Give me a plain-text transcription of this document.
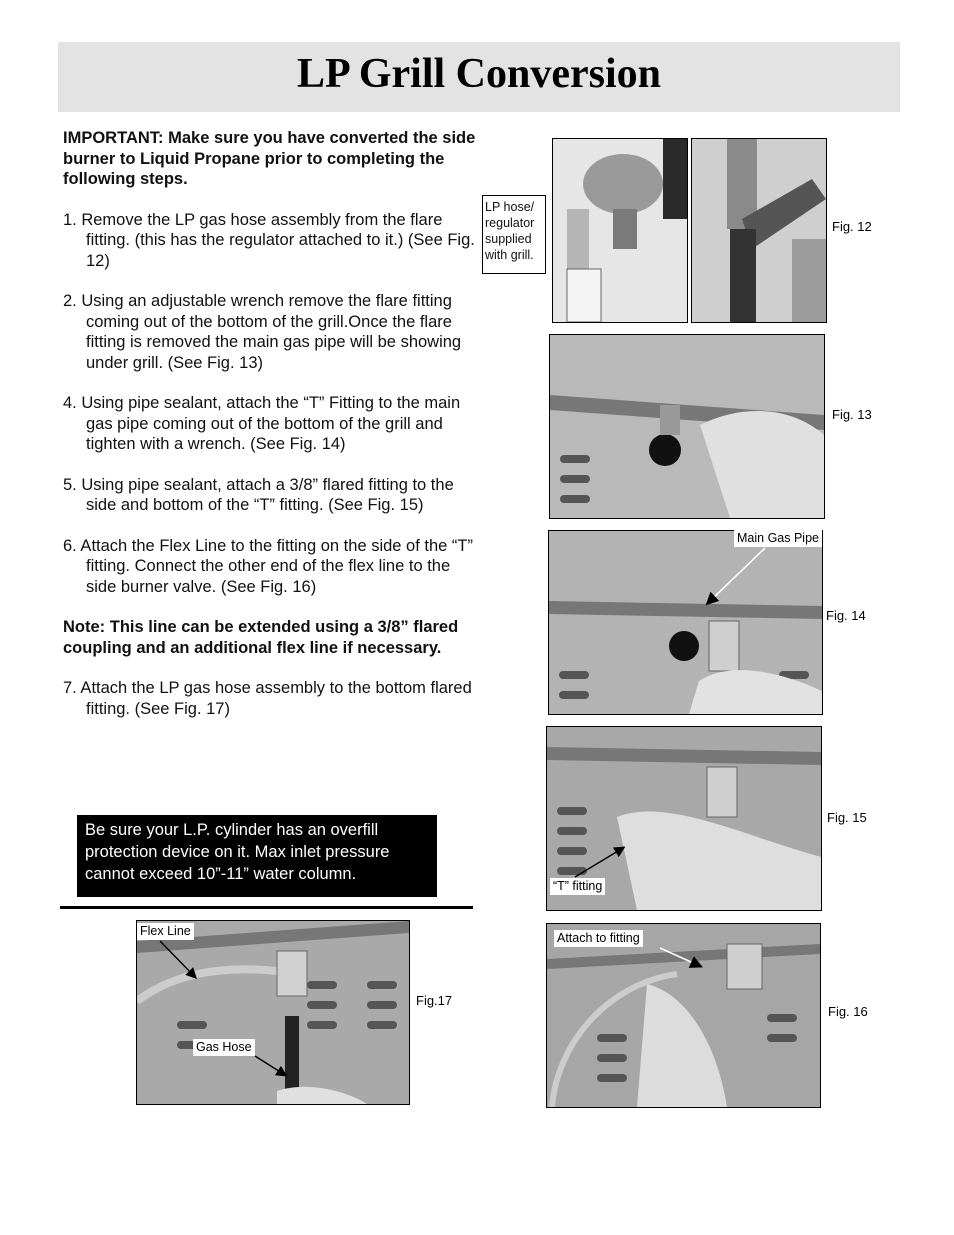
LP Grill Conversion

IMPORTANT: Make sure you have converted the side burner to Liquid Propane prior to completing the following steps.

1. Remove the LP gas hose assembly from the flare fitting. (this has the regulator attached to it.) (See Fig. 12)

2. Using an adjustable wrench remove the flare fitting coming out of the bottom of the grill.Once the flare fitting is removed the main gas pipe will be showing under grill. (See Fig. 13)

4. Using pipe sealant, attach the “T” Fitting to the main gas pipe coming out of the bottom of the grill and tighten with a wrench. (See Fig. 14)

5. Using pipe sealant, attach a 3/8” flared fitting to the side and bottom of the “T” fitting. (See Fig. 15)

6. Attach the Flex Line to the fitting on the side of the “T” fitting. Connect the other end of the flex line to the side burner valve. (See Fig. 16)

Note: This line can be extended using a 3/8” flared coupling and an additional flex line if necessary.

7. Attach the LP gas hose assembly to the bottom flared fitting. (See Fig. 17)

Be sure your L.P. cylinder has an overfill protection device on it. Max inlet pressure cannot exceed 10”-11” water column.
LP hose/ regulator supplied with grill.
Fig. 12
Fig. 13
Main Gas Pipe
Fig. 14
“T” fitting
Fig. 15
Attach to fitting
Fig. 16
Flex Line
Gas Hose
Fig.17
